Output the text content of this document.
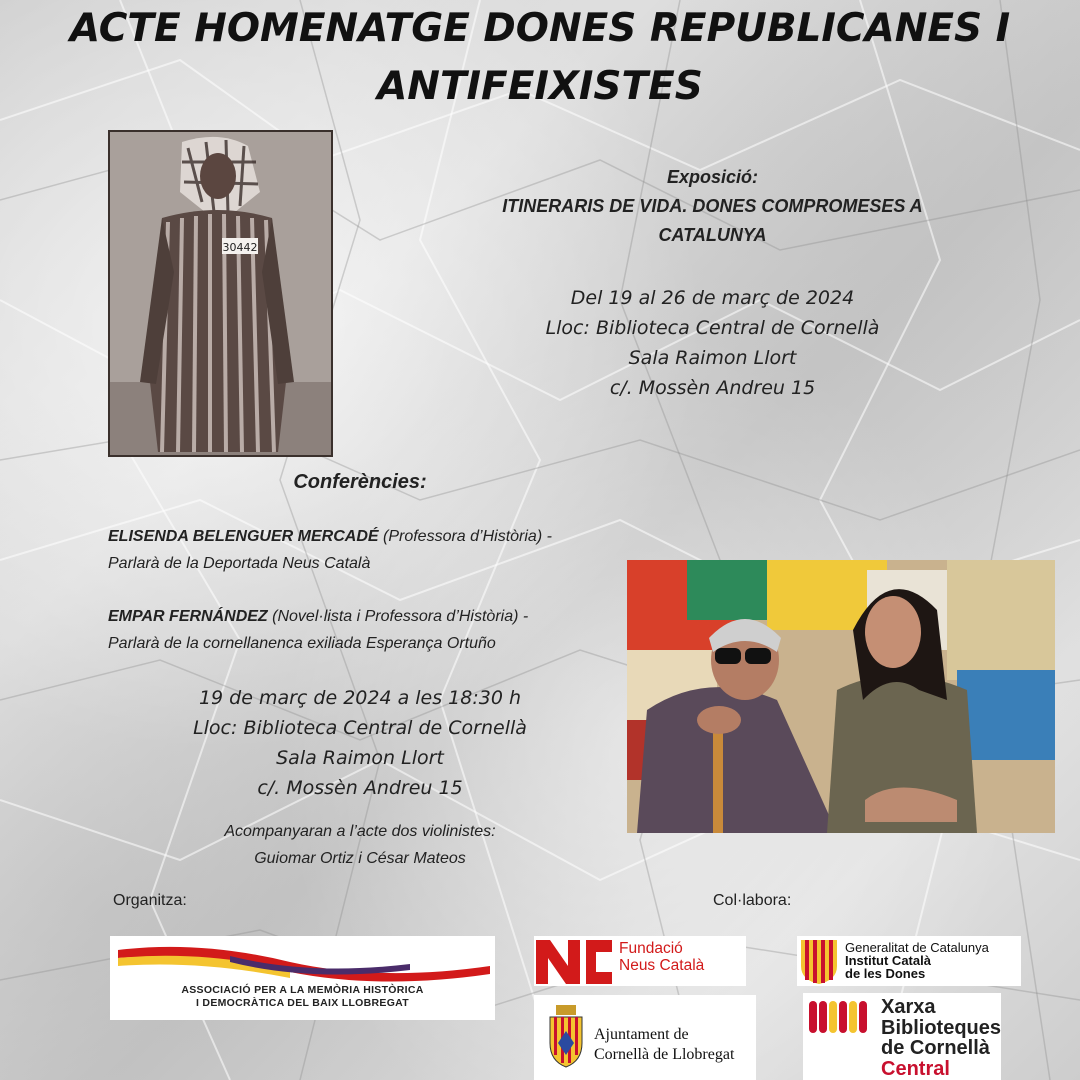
ACTE HOMENATGE DONES REPUBLICANES I
ANTIFEIXISTES
30442
Exposició:
ITINERARIS DE VIDA. DONES COMPROMESES A
CATALUNYA
Del 19 al 26 de març de 2024
Lloc: Biblioteca Central de Cornellà
Sala Raimon Llort
c/. Mossèn Andreu 15
Conferències:
ELISENDA BELENGUER MERCADÉ (Professora d’Història) -
Parlarà de la Deportada Neus Català
EMPAR FERNÁNDEZ (Novel·lista i Professora d’Història) -
Parlarà de la cornellanenca exiliada Esperança Ortuño
19 de març de 2024 a les 18:30 h
Lloc: Biblioteca Central de Cornellà
Sala Raimon Llort
c/. Mossèn Andreu 15
Acompanyaran a l’acte dos violinistes:
Guiomar Ortiz i César Mateos
Organitza:	Col·labora:
ASSOCIACIÓ PER A LA MEMÒRIA HISTÒRICA
I DEMOCRÀTICA DEL BAIX LLOBREGAT
Fundació
Neus Català
Generalitat de Catalunya
Institut Català
de les Dones
Ajuntament de
Cornellà de Llobregat
Xarxa
Biblioteques
de Cornellà
Central
